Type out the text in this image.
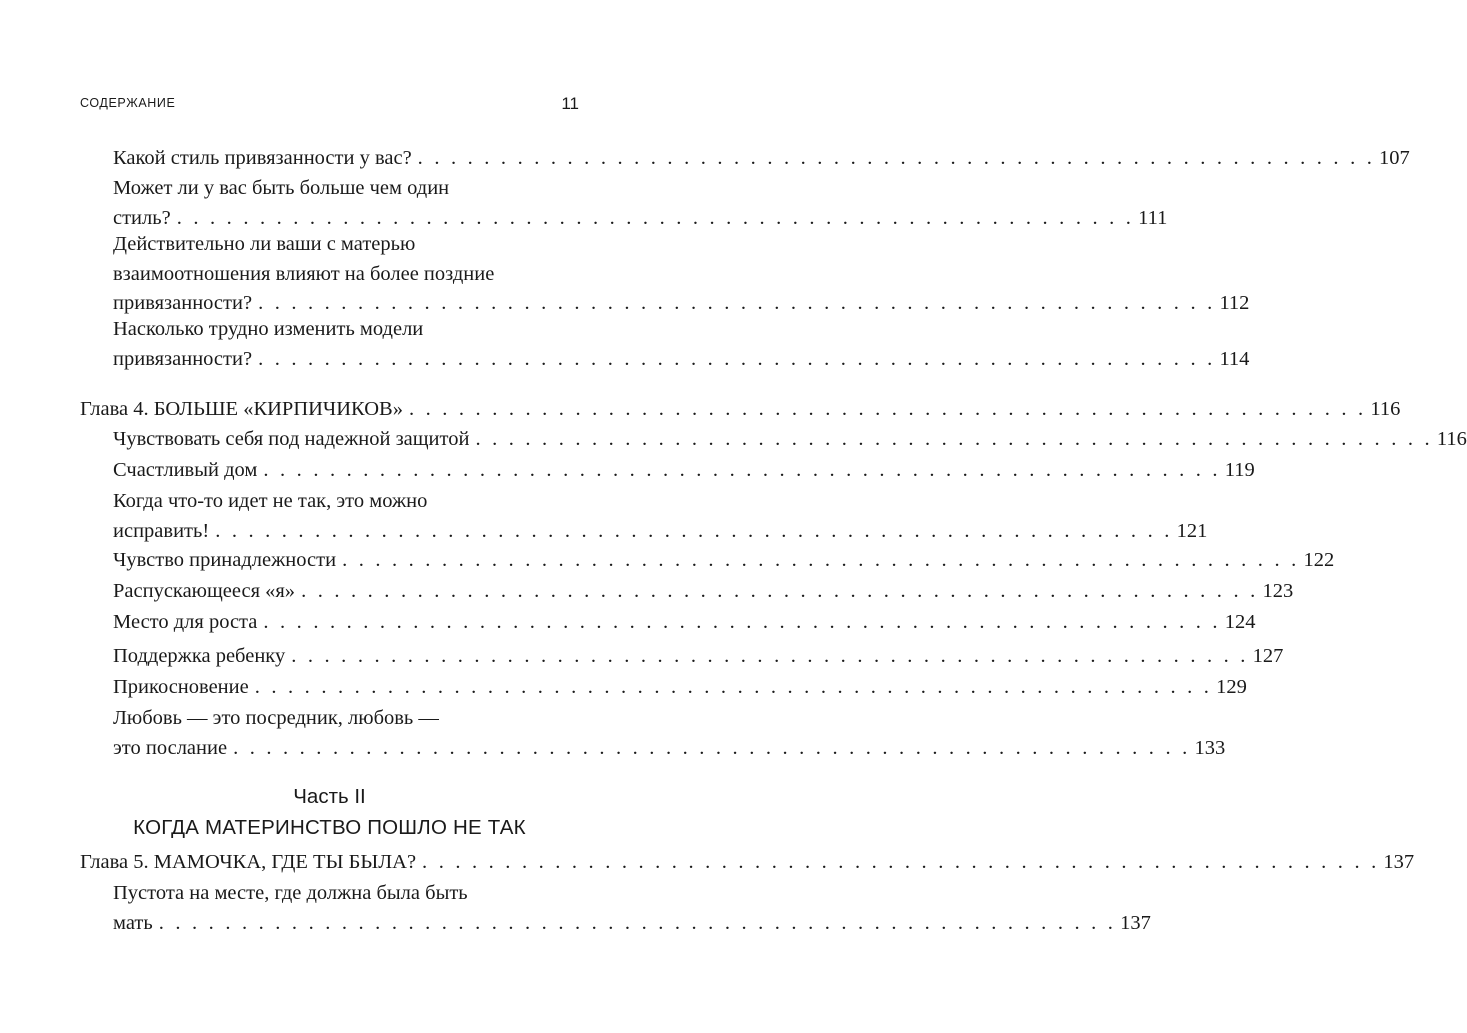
СОДЕРЖАНИЕ	11
Какой стиль привязанности у вас? . . . . . . . . . . . . . . . . . . . . . . . . . . . . . . . . . . . . . . . . . . . . . . . . . . . . . . . . . . 107
Может ли у вас быть больше чем один
стиль? . . . . . . . . . . . . . . . . . . . . . . . . . . . . . . . . . . . . . . . . . . . . . . . . . . . . . . . . . . 111
Действительно ли ваши с матерью
взаимоотношения влияют на более поздние
привязанности? . . . . . . . . . . . . . . . . . . . . . . . . . . . . . . . . . . . . . . . . . . . . . . . . . . . . . . . . . . 112
Насколько трудно изменить модели
привязанности? . . . . . . . . . . . . . . . . . . . . . . . . . . . . . . . . . . . . . . . . . . . . . . . . . . . . . . . . . . 114
Глава 4. БОЛЬШЕ «КИРПИЧИКОВ» . . . . . . . . . . . . . . . . . . . . . . . . . . . . . . . . . . . . . . . . . . . . . . . . . . . . . . . . . . 116
Чувствовать себя под надежной защитой . . . . . . . . . . . . . . . . . . . . . . . . . . . . . . . . . . . . . . . . . . . . . . . . . . . . . . . . . . 116
Счастливый дом . . . . . . . . . . . . . . . . . . . . . . . . . . . . . . . . . . . . . . . . . . . . . . . . . . . . . . . . . . 119
Когда что-то идет не так, это можно
исправить! . . . . . . . . . . . . . . . . . . . . . . . . . . . . . . . . . . . . . . . . . . . . . . . . . . . . . . . . . . 121
Чувство принадлежности . . . . . . . . . . . . . . . . . . . . . . . . . . . . . . . . . . . . . . . . . . . . . . . . . . . . . . . . . . 122
Распускающееся «я» . . . . . . . . . . . . . . . . . . . . . . . . . . . . . . . . . . . . . . . . . . . . . . . . . . . . . . . . . . 123
Место для роста . . . . . . . . . . . . . . . . . . . . . . . . . . . . . . . . . . . . . . . . . . . . . . . . . . . . . . . . . . 124
Поддержка ребенку . . . . . . . . . . . . . . . . . . . . . . . . . . . . . . . . . . . . . . . . . . . . . . . . . . . . . . . . . . 127
Прикосновение . . . . . . . . . . . . . . . . . . . . . . . . . . . . . . . . . . . . . . . . . . . . . . . . . . . . . . . . . . 129
Любовь — это посредник, любовь —
это послание . . . . . . . . . . . . . . . . . . . . . . . . . . . . . . . . . . . . . . . . . . . . . . . . . . . . . . . . . . 133
Часть II
КОГДА МАТЕРИНСТВО ПОШЛО НЕ ТАК
Глава 5. МАМОЧКА, ГДЕ ТЫ БЫЛА? . . . . . . . . . . . . . . . . . . . . . . . . . . . . . . . . . . . . . . . . . . . . . . . . . . . . . . . . . . 137
Пустота на месте, где должна была быть
мать . . . . . . . . . . . . . . . . . . . . . . . . . . . . . . . . . . . . . . . . . . . . . . . . . . . . . . . . . . 137
